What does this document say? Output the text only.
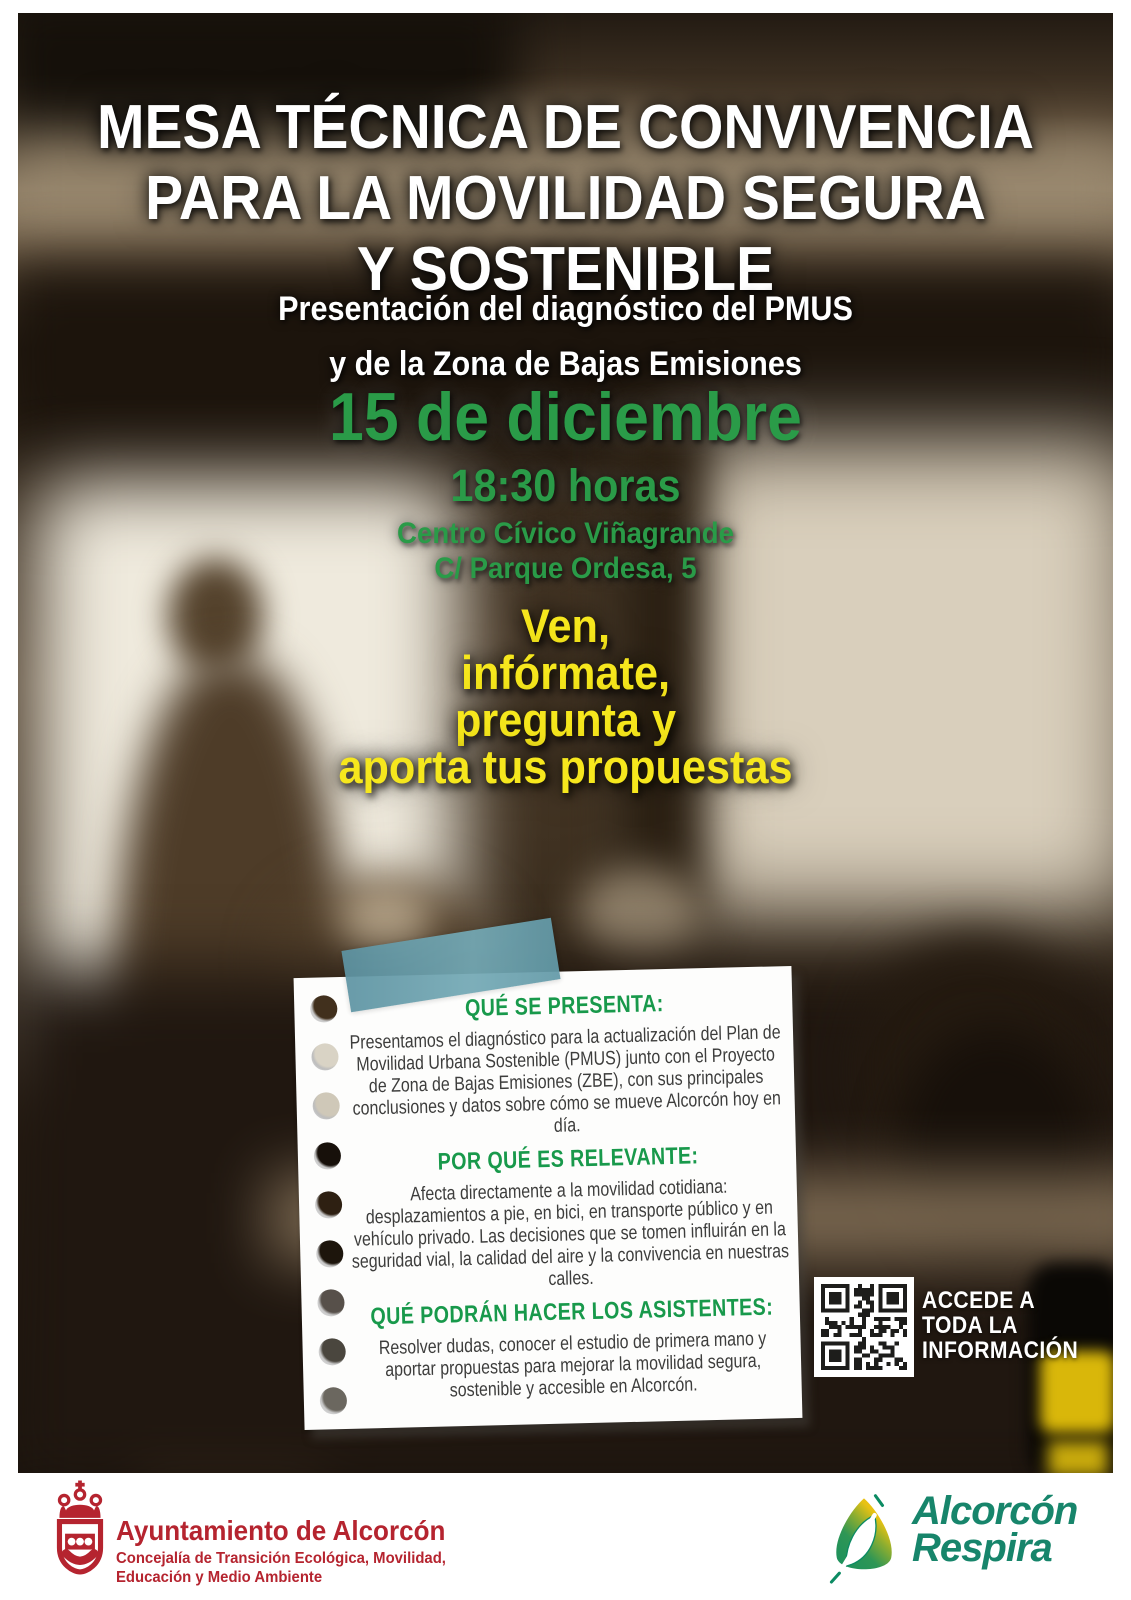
MESA TÉCNICA DE CONVIVENCIA
PARA LA MOVILIDAD SEGURA
Y SOSTENIBLE
Presentación del diagnóstico del PMUS
y de la Zona de Bajas Emisiones
15 de diciembre
18:30 horas
Centro Cívico Viñagrande
C/ Parque Ordesa, 5
Ven,
infórmate,
pregunta y
aporta tus propuestas
QUÉ SE PRESENTA:

Presentamos el diagnóstico para la actualización del Plan de Movilidad Urbana Sostenible (PMUS) junto con el Proyecto de Zona de Bajas Emisiones (ZBE), con sus principales conclusiones y datos sobre cómo se mueve Alcorcón hoy en día.

POR QUÉ ES RELEVANTE:

Afecta directamente a la movilidad cotidiana: desplazamientos a pie, en bici, en transporte público y en vehículo privado. Las decisiones que se tomen influirán en la seguridad vial, la calidad del aire y la convivencia en nuestras calles.

QUÉ PODRÁN HACER LOS ASISTENTES:

Resolver dudas, conocer el estudio de primera mano y aportar propuestas para mejorar la movilidad segura, sostenible y accesible en Alcorcón.

ACCEDE A
TODA LA
INFORMACIÓN
Ayuntamiento de Alcorcón
Concejalía de Transición Ecológica, Movilidad,
Educación y Medio Ambiente
Alcorcón
Respira
